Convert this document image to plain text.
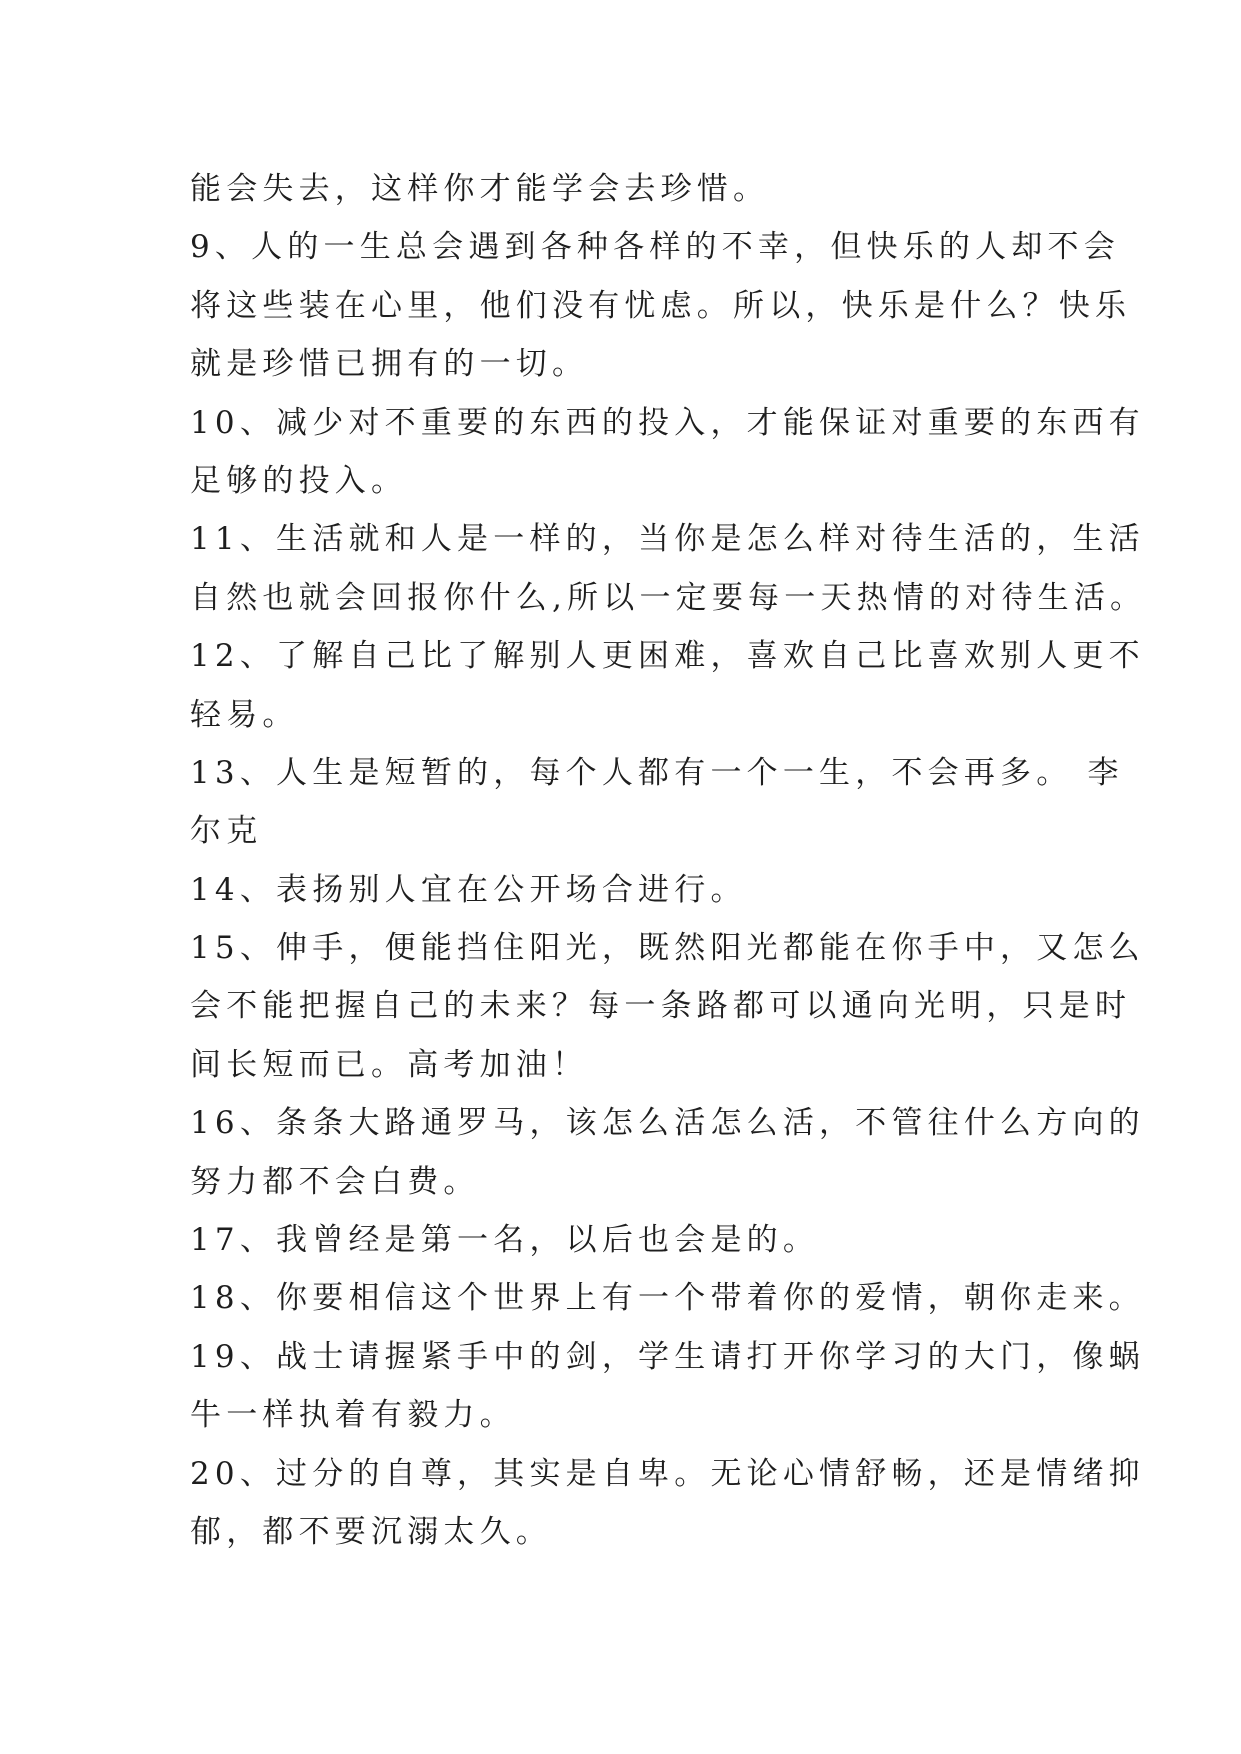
能会失去，这样你才能学会去珍惜。
9、人的一生总会遇到各种各样的不幸，但快乐的人却不会
将这些装在心里，他们没有忧虑。所以，快乐是什么？快乐
就是珍惜已拥有的一切。
10、减少对不重要的东西的投入，才能保证对重要的东西有
足够的投入。
11、生活就和人是一样的，当你是怎么样对待生活的，生活
自然也就会回报你什么,所以一定要每一天热情的对待生活。
12、了解自己比了解别人更困难，喜欢自己比喜欢别人更不
轻易。
13、人生是短暂的，每个人都有一个一生，不会再多。 李
尔克
14、表扬别人宜在公开场合进行。
15、伸手，便能挡住阳光，既然阳光都能在你手中，又怎么
会不能把握自己的未来？每一条路都可以通向光明，只是时
间长短而已。高考加油！
16、条条大路通罗马，该怎么活怎么活，不管往什么方向的
努力都不会白费。
17、我曾经是第一名，以后也会是的。
18、你要相信这个世界上有一个带着你的爱情，朝你走来。
19、战士请握紧手中的剑，学生请打开你学习的大门，像蜗
牛一样执着有毅力。
20、过分的自尊，其实是自卑。无论心情舒畅，还是情绪抑
郁，都不要沉溺太久。
